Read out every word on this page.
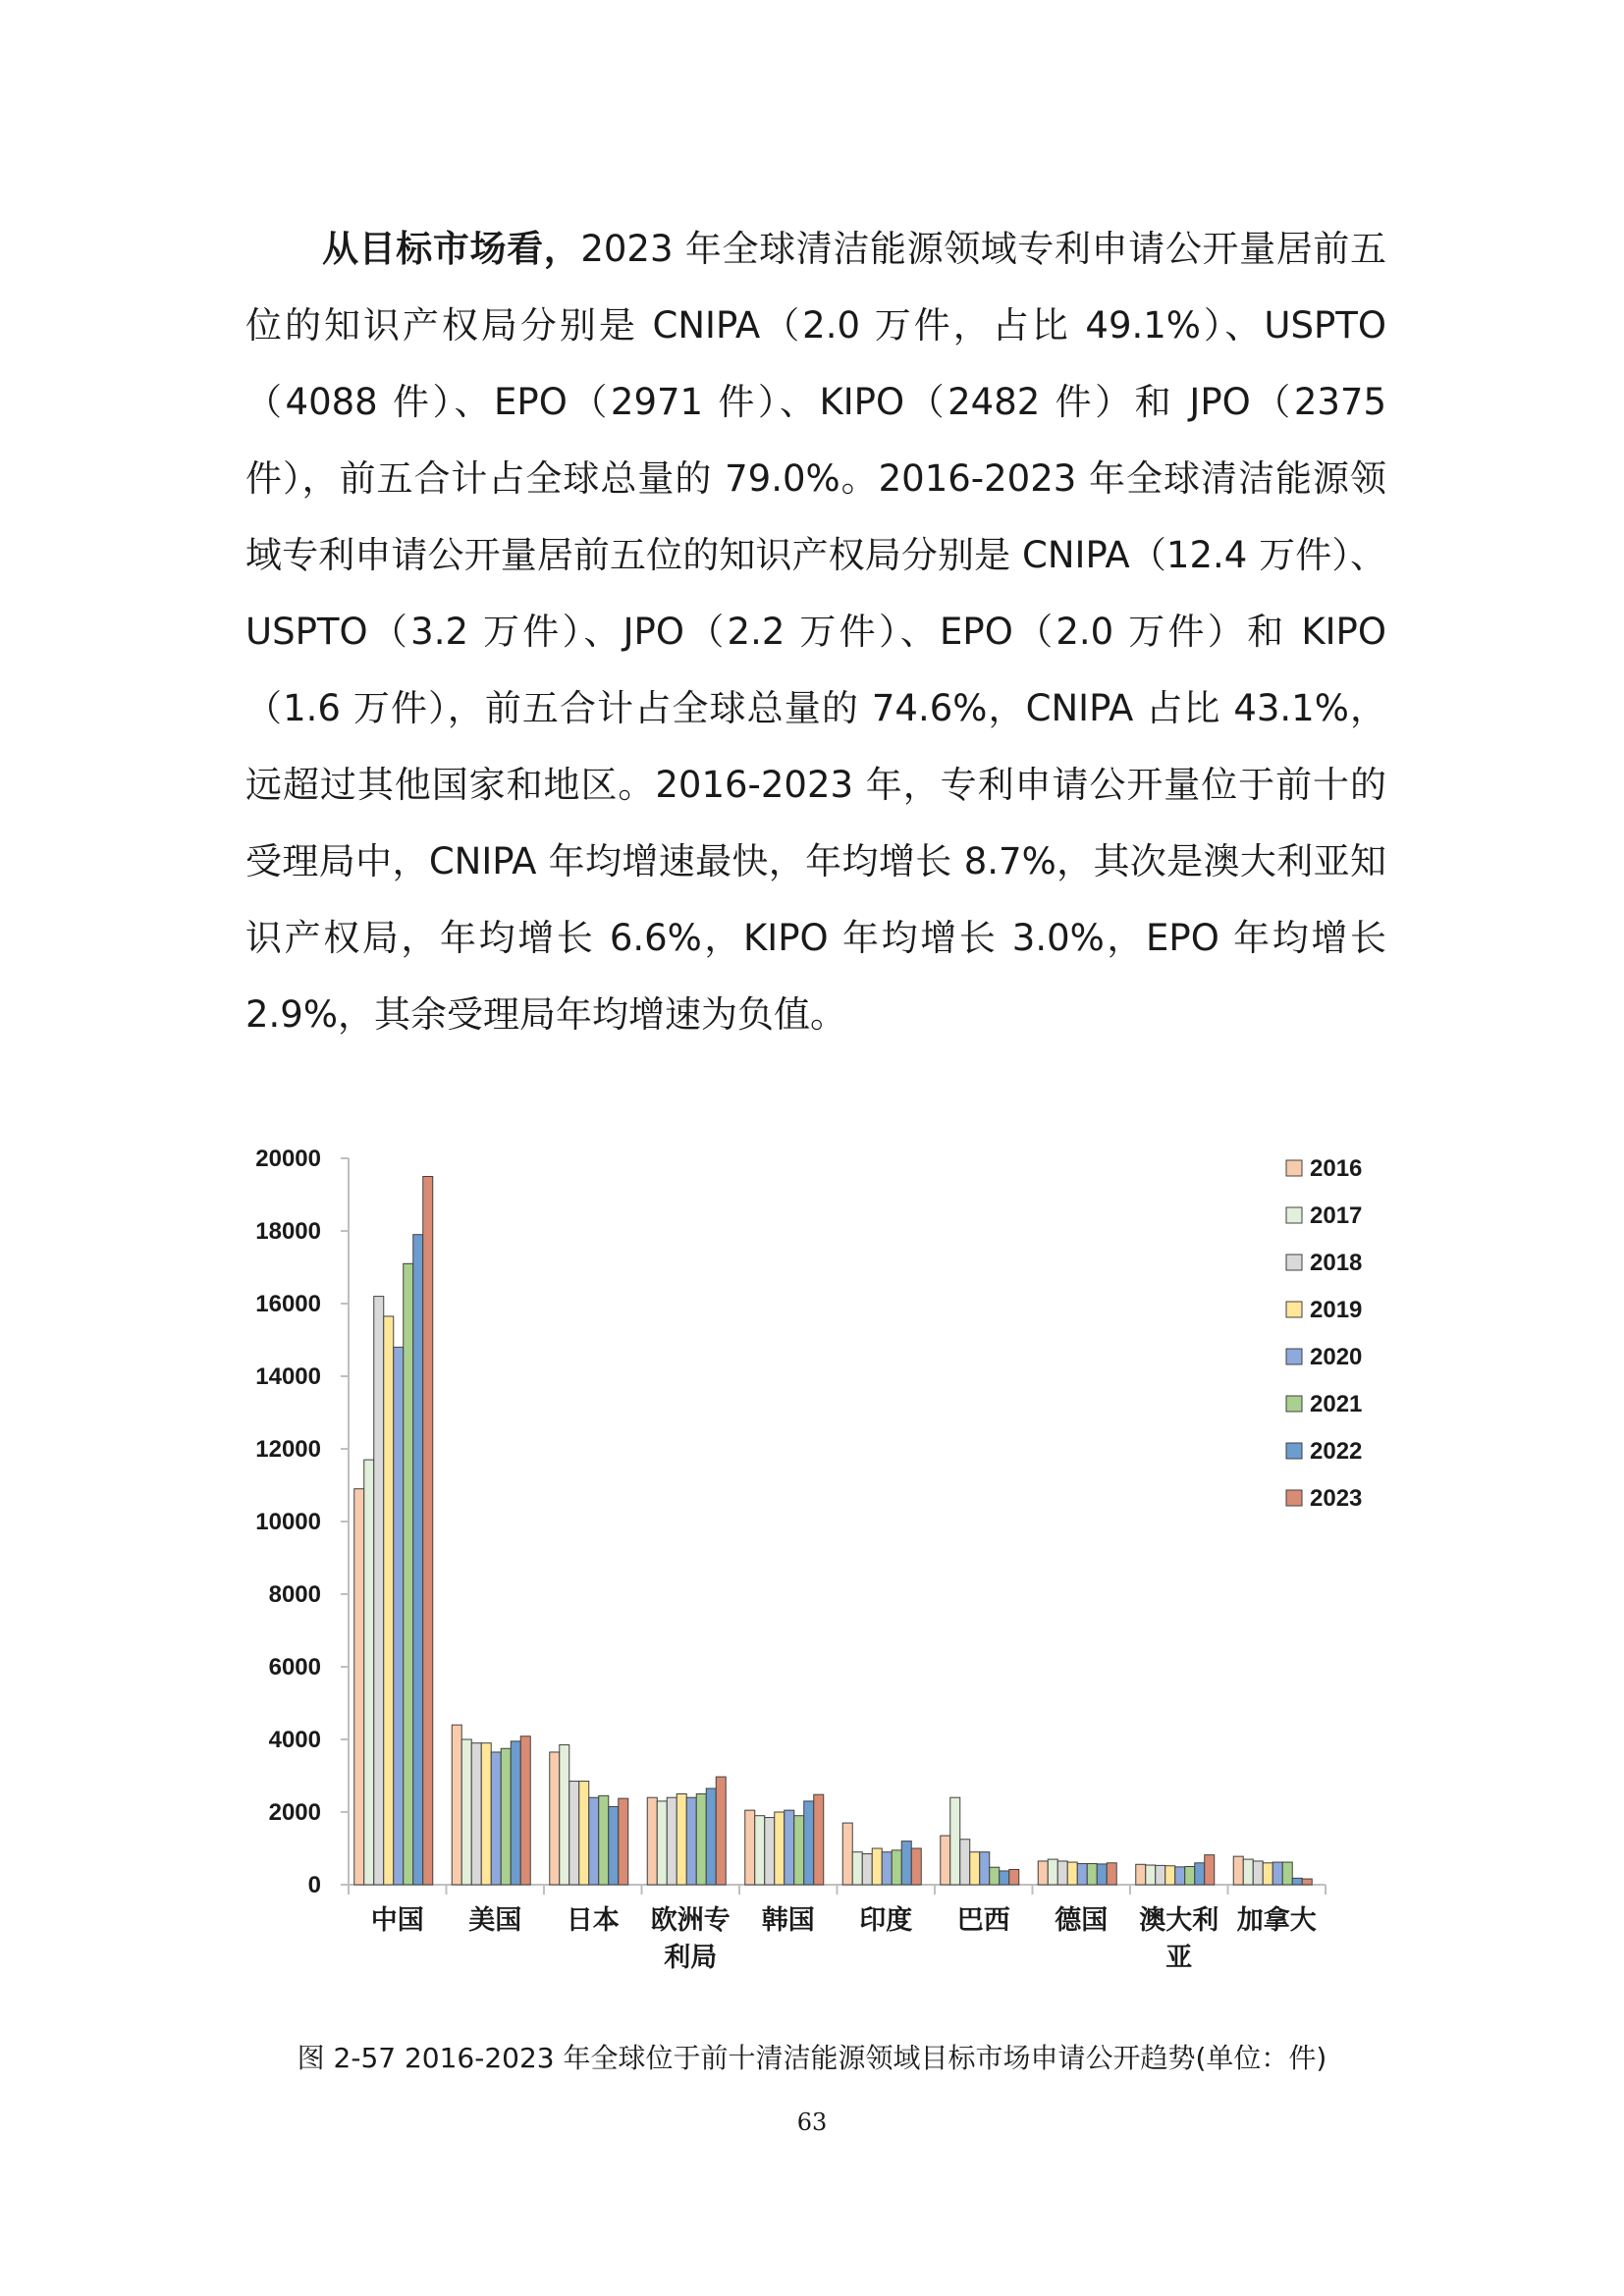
从目标市场看，2023 年全球清洁能源领域专利申请公开量居前五位的知识产权局分别是 CNIPA（2.0 万件，占比 49.1%）、USPTO（4088 件）、EPO（2971 件）、KIPO（2482 件）和 JPO（2375 件），前五合计占全球总量的 79.0%。2016-2023 年全球清洁能源领域专利申请公开量居前五位的知识产权局分别是 CNIPA（12.4 万件）、USPTO（3.2 万件）、JPO（2.2 万件）、EPO（2.0 万件）和 KIPO（1.6 万件），前五合计占全球总量的 74.6%，CNIPA 占比 43.1%，远超过其他国家和地区。2016-2023 年，专利申请公开量位于前十的受理局中，CNIPA 年均增速最快，年均增长 8.7%，其次是澳大利亚知识产权局，年均增长 6.6%，KIPO 年均增长 3.0%，EPO 年均增长 2.9%，其余受理局年均增速为负值。

0
2000
4000
6000
8000
10000
12000
14000
16000
18000
20000
中国 美国 日本 欧洲专
利局
韩国 印度 巴西 德国 澳大利
亚
加拿大
2016
2017
2018
2019
2020
2021
2022
2023

图 2-57 2016-2023 年全球位于前十清洁能源领域目标市场申请公开趋势(单位：件)

63
